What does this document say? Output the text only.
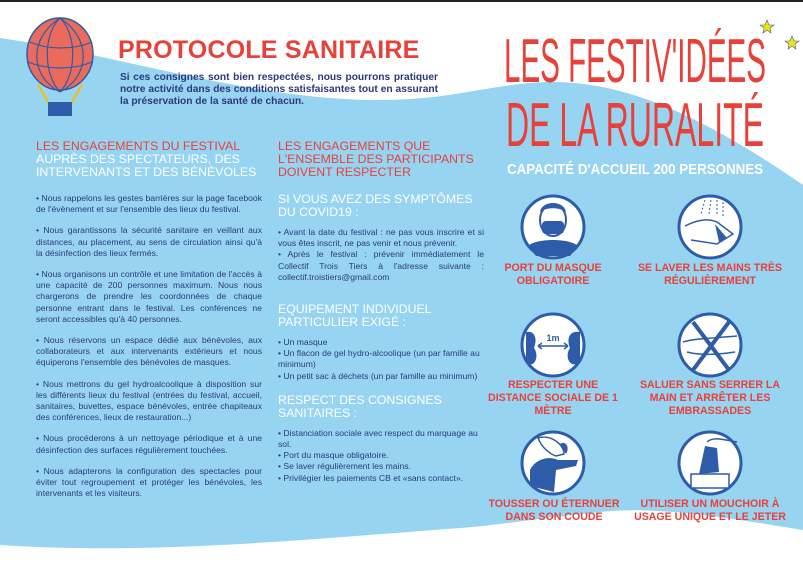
PROTOCOLE SANITAIRE
Si ces consignes sont bien respectées, nous pourrons pratiquer notre activité dans des conditions satisfaisantes tout en assurant la préservation de la santé de chacun.
LES FESTIV'IDÉES
DE LA RURALITÉ
CAPACITÉ D'ACCUEIL 200 PERSONNES
LES ENGAGEMENTS DU FESTIVAL
AUPRÈS DES SPECTATEURS, DES INTERVENANTS ET DES BÉNÉVOLES

• Nous rappelons les gestes barrières sur la page facebook de l'évènement et sur l'ensemble des lieux du festival.

• Nous garantissons la sécurité sanitaire en veillant aux distances, au placement, au sens de circulation ainsi qu'à la désinfection des lieux fermés.

• Nous organisons un contrôle et une limitation de l'accès à une capacité de 200 personnes maximum. Nous nous chargerons de prendre les coordonnées de chaque personne entrant dans le festival. Les conférences ne seront accessibles qu'à 40 personnes.

• Nous réservons un espace dédié aux bénévoles, aux collaborateurs et aux intervenants extérieurs et nous équiperons l'ensemble des bénévoles de masques.

• Nous mettrons du gel hydroalcoolique à disposition sur les différents lieux du festival (entrées du festival, accueil, sanitaires, buvettes, espace bénévoles, entrée chapiteaux des conférences, lieux de restauration...)

• Nous procéderons à un nettoyage périodique et à une désinfection des surfaces régulièrement touchées.

• Nous adapterons la configuration des spectacles pour éviter tout regroupement et protéger les bénévoles, les intervenants et les visiteurs.

LES ENGAGEMENTS QUE L'ENSEMBLE DES PARTICIPANTS DOIVENT RESPECTER
SI VOUS AVEZ DES SYMPTÔMES DU COVID19 :

• Avant la date du festival : ne pas vous inscrire et si vous êtes inscrit, ne pas venir et nous prévenir.
• Après le festival : prévenir immédiatement le Collectif Trois Tiers à l'adresse suivante : collectif.troistiers@gmail.com

EQUIPEMENT INDIVIDUEL PARTICULIER EXIGÉ :

• Un masque
• Un flacon de gel hydro-alcoolique (un par famille au minimum)
• Un petit sac à déchets (un par famille au minimum)

RESPECT DES CONSIGNES SANITAIRES :

• Distanciation sociale avec respect du marquage au sol.
• Port du masque obligatoire.
• Se laver régulièrement les mains.
• Privilégier les paiements CB et «sans contact».

1m
PORT DU MASQUE OBLIGATOIRE
SE LAVER LES MAINS TRÈS RÉGULIÈREMENT
RESPECTER UNE DISTANCE SOCIALE DE 1 MÈTRE
SALUER SANS SERRER LA MAIN ET ARRÊTER LES EMBRASSADES
TOUSSER OU ÉTERNUER DANS SON COUDE
UTILISER UN MOUCHOIR À USAGE UNIQUE ET LE JETER
